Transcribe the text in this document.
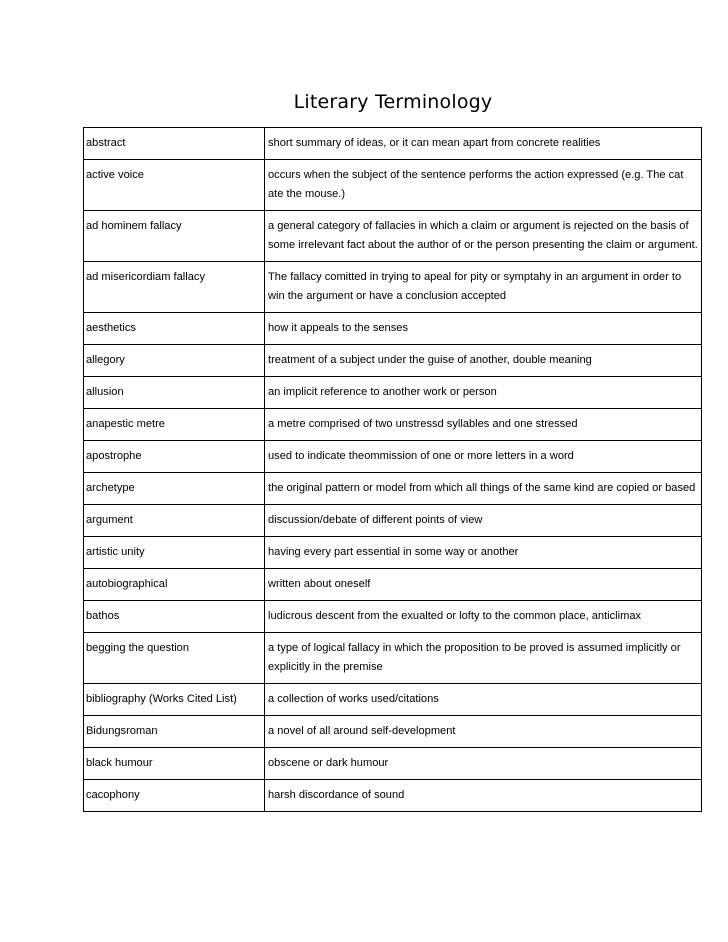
Literary Terminology
abstract	short summary of ideas, or it can mean apart from concrete realities
active voice	occurs when the subject of the sentence performs the action expressed (e.g. The cat ate the mouse.)
ad hominem fallacy	a general category of fallacies in which a claim or argument is rejected on the basis of some irrelevant fact about the author of or the person presenting the claim or argument.
ad misericordiam fallacy	The fallacy comitted in trying to apeal for pity or symptahy in an argument in order to win the argument or have a conclusion accepted
aesthetics	how it appeals to the senses
allegory	treatment of a subject under the guise of another, double meaning
allusion	an implicit reference to another work or person
anapestic metre	a metre comprised of two unstressd syllables and one stressed
apostrophe	used to indicate theommission of one or more letters in a word
archetype	the original pattern or model from which all things of the same kind are copied or based
argument	discussion/debate of different points of view
artistic unity	having every part essential in some way or another
autobiographical	written about oneself
bathos	ludicrous descent from the exualted or lofty to the common place, anticlimax
begging the question	a type of logical fallacy in which the proposition to be proved is assumed implicitly or explicitly in the premise
bibliography (Works Cited List)	a collection of works used/citations
Bidungsroman	a novel of all around self-development
black humour	obscene or dark humour
cacophony	harsh discordance of sound
